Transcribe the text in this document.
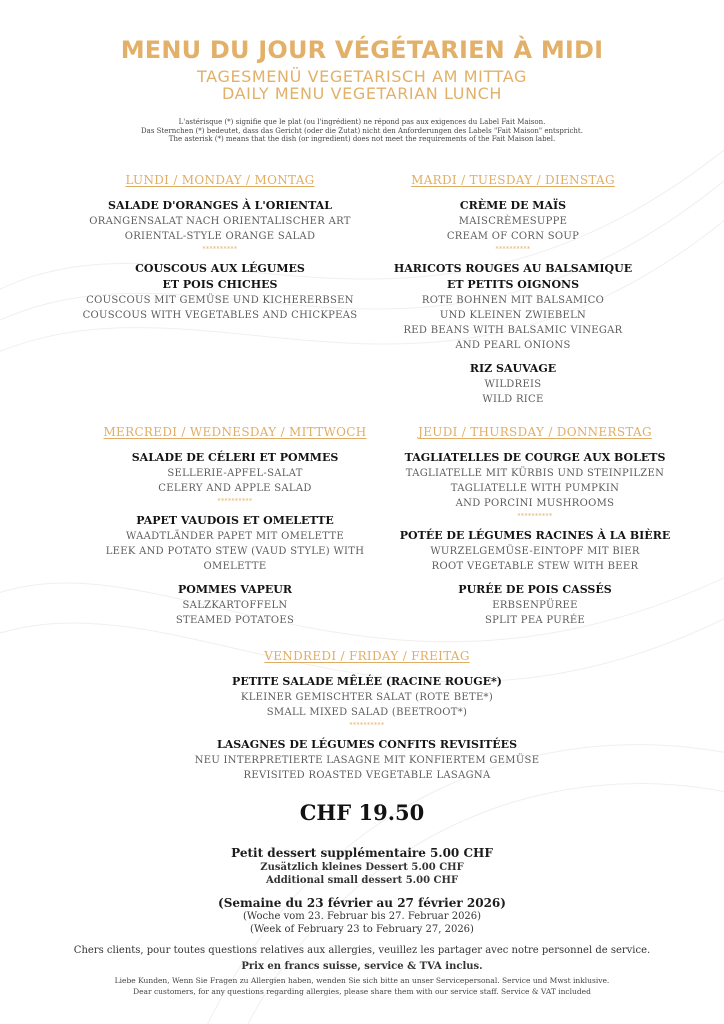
MENU DU JOUR VÉGÉTARIEN À MIDI
TAGESMENÜ VEGETARISCH AM MITTAG
DAILY MENU VEGETARIAN LUNCH
L'astérisque (*) signifie que le plat (ou l'ingrédient) ne répond pas aux exigences du Label Fait Maison.
Das Sternchen (*) bedeutet, dass das Gericht (oder die Zutat) nicht den Anforderungen des Labels "Fait Maison" entspricht.
The asterisk (*) means that the dish (or ingredient) does not meet the requirements of the Fait Maison label.
LUNDI / MONDAY / MONTAG
SALADE D'ORANGES À L'ORIENTAL
ORANGENSALAT NACH ORIENTALISCHER ART
ORIENTAL-STYLE ORANGE SALAD
**********
COUSCOUS AUX LÉGUMES
ET POIS CHICHES
COUSCOUS MIT GEMÜSE UND KICHERERBSEN
COUSCOUS WITH VEGETABLES AND CHICKPEAS
MARDI / TUESDAY / DIENSTAG
CRÈME DE MAÏS
MAISCRÈMESUPPE
CREAM OF CORN SOUP
**********
HARICOTS ROUGES AU BALSAMIQUE
ET PETITS OIGNONS
ROTE BOHNEN MIT BALSAMICO
UND KLEINEN ZWIEBELN
RED BEANS WITH BALSAMIC VINEGAR
AND PEARL ONIONS
RIZ SAUVAGE
WILDREIS
WILD RICE
MERCREDI / WEDNESDAY / MITTWOCH
SALADE DE CÉLERI ET POMMES
SELLERIE-APFEL-SALAT
CELERY AND APPLE SALAD
**********
PAPET VAUDOIS ET OMELETTE
WAADTLÄNDER PAPET MIT OMELETTE
LEEK AND POTATO STEW (VAUD STYLE) WITH
OMELETTE
POMMES VAPEUR
SALZKARTOFFELN
STEAMED POTATOES
JEUDI / THURSDAY / DONNERSTAG
TAGLIATELLES DE COURGE AUX BOLETS
TAGLIATELLE MIT KÜRBIS UND STEINPILZEN
TAGLIATELLE WITH PUMPKIN
AND PORCINI MUSHROOMS
**********
POTÉE DE LÉGUMES RACINES À LA BIÈRE
WURZELGEMÜSE-EINTOPF MIT BIER
ROOT VEGETABLE STEW WITH BEER
PURÉE DE POIS CASSÉS
ERBSENPÜREE
SPLIT PEA PURÉE
VENDREDI / FRIDAY / FREITAG
PETITE SALADE MÊLÉE (RACINE ROUGE*)
KLEINER GEMISCHTER SALAT (ROTE BETE*)
SMALL MIXED SALAD (BEETROOT*)
**********
LASAGNES DE LÉGUMES CONFITS REVISITÉES
NEU INTERPRETIERTE LASAGNE MIT KONFIERTEM GEMÜSE
REVISITED ROASTED VEGETABLE LASAGNA
CHF 19.50
Petit dessert supplémentaire 5.00 CHF
Zusätzlich kleines Dessert 5.00 CHF
Additional small dessert 5.00 CHF
(Semaine du 23 février au 27 février 2026)
(Woche vom 23. Februar bis 27. Februar 2026)
(Week of February 23 to February 27, 2026)
Chers clients, pour toutes questions relatives aux allergies, veuillez les partager avec notre personnel de service.
Prix en francs suisse, service & TVA inclus.
Liebe Kunden, Wenn Sie Fragen zu Allergien haben, wenden Sie sich bitte an unser Servicepersonal. Service und Mwst inklusive.
Dear customers, for any questions regarding allergies, please share them with our service staff. Service & VAT included
